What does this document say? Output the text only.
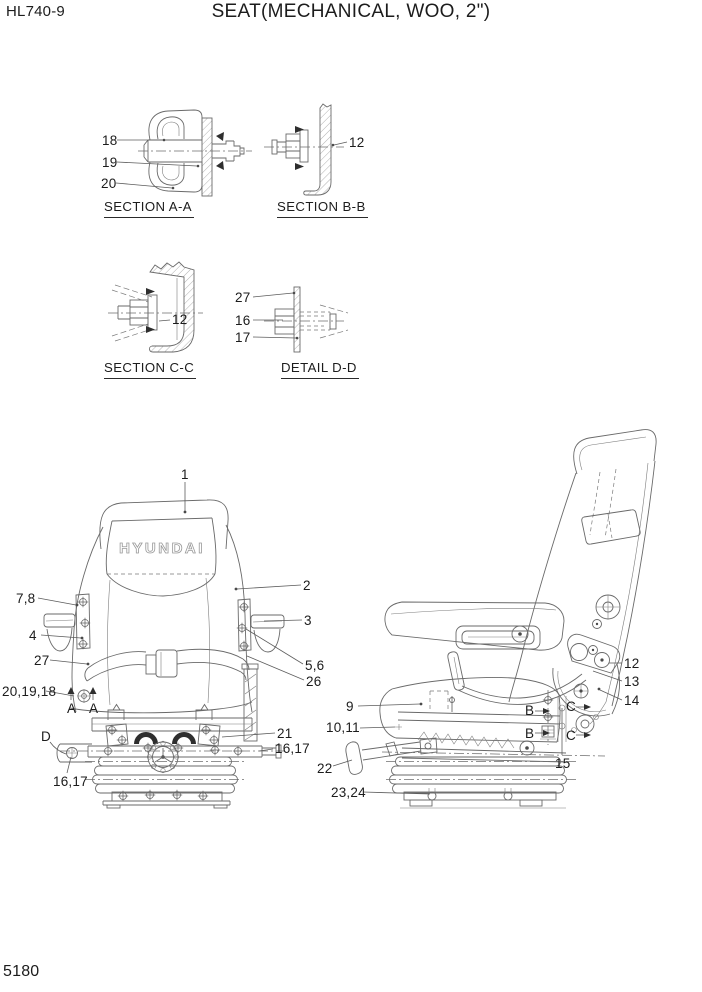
HYUNDAI
HL740-9	SEAT(MECHANICAL, WOO, 2")
SECTION A-A	SECTION B-B
SECTION C-C	DETAIL D-D
18
19
20
12
12
27
16
17
1
2
3
7,8
4
27	5,6
26
20,19,18
A A
D	21
16,17
16,17
9
10,11
12
13
14
B
B
C
C
15
22
23,24
5180
